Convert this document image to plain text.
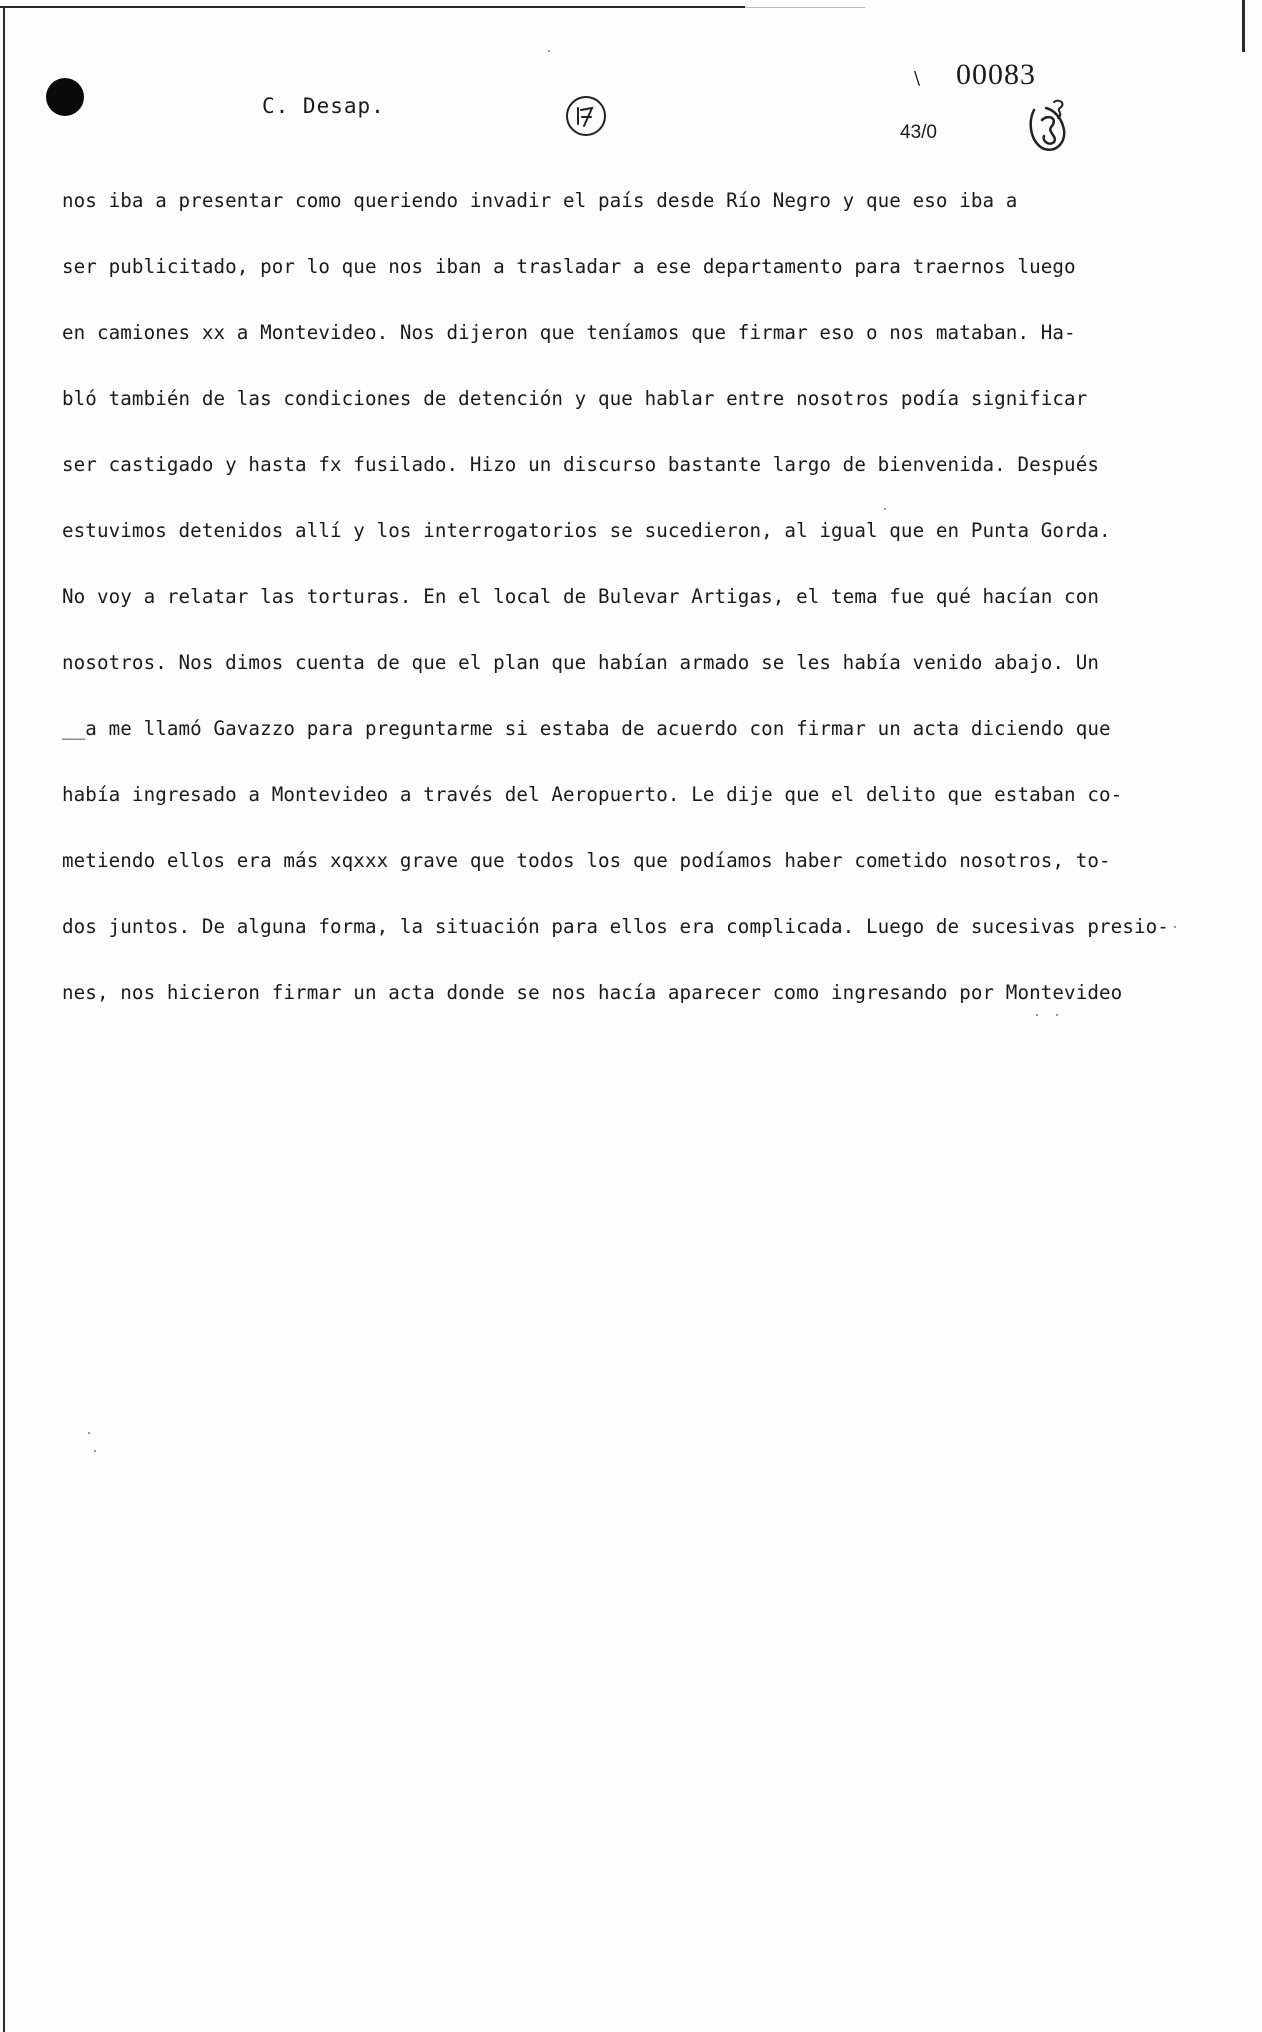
C. Desap.
\ 00083
43/0
nos iba a presentar como queriendo invadir el país desde Río Negro y que eso iba a
ser publicitado, por lo que nos iban a trasladar a ese departamento para traernos luego
en camiones xx a Montevideo. Nos dijeron que teníamos que firmar eso o nos mataban. Ha-
bló también de las condiciones de detención y que hablar entre nosotros podía significar
ser castigado y hasta fx fusilado. Hizo un discurso bastante largo de bienvenida. Después
estuvimos detenidos allí y los interrogatorios se sucedieron, al igual que en Punta Gorda.
No voy a relatar las torturas. En el local de Bulevar Artigas, el tema fue qué hacían con
nosotros. Nos dimos cuenta de que el plan que habían armado se les había venido abajo. Un
__a me llamó Gavazzo para preguntarme si estaba de acuerdo con firmar un acta diciendo que
había ingresado a Montevideo a través del Aeropuerto. Le dije que el delito que estaban co-
metiendo ellos era más xqxxx grave que todos los que podíamos haber cometido nosotros, to-
dos juntos. De alguna forma, la situación para ellos era complicada. Luego de sucesivas presio-
nes, nos hicieron firmar un acta donde se nos hacía aparecer como ingresando por Montevideo
